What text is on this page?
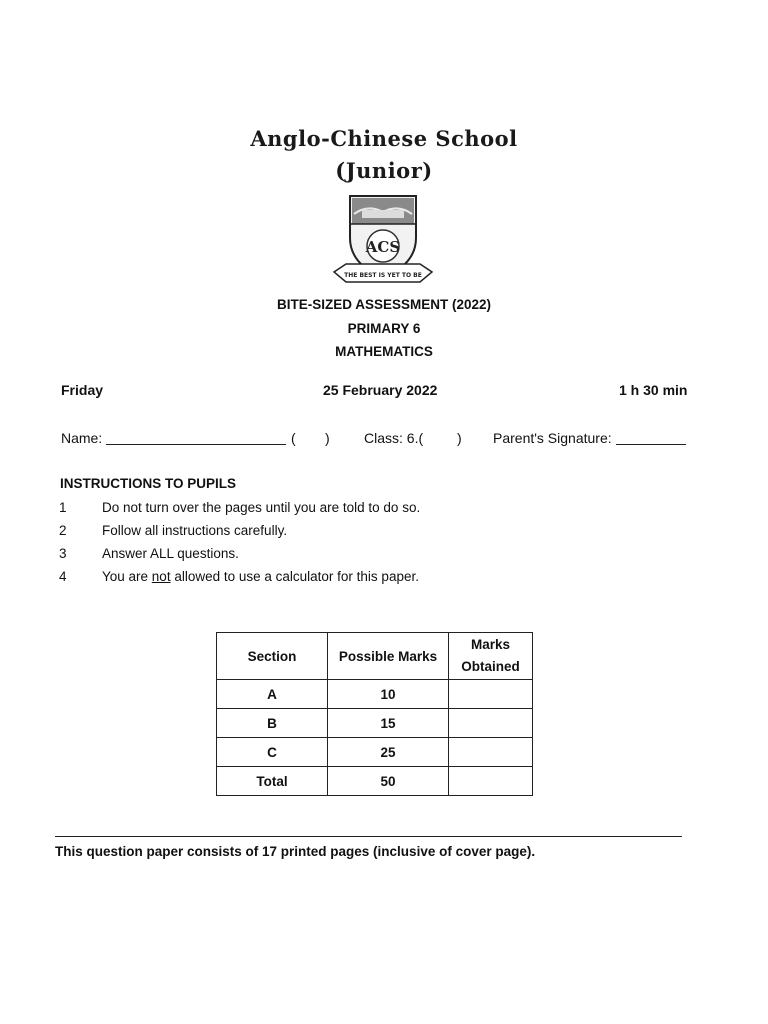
Anglo-Chinese School
(Junior)
ACS
THE BEST IS YET TO BE
BITE-SIZED ASSESSMENT (2022)
PRIMARY 6
MATHEMATICS
Friday	25 February 2022	1 h 30 min
Name:	( ) Class: 6.( ) Parent's Signature:
INSTRUCTIONS TO PUPILS
1	Do not turn over the pages until you are told to do so.
2	Follow all instructions carefully.
3	Answer ALL questions.
4	You are not allowed to use a calculator for this paper.
Section	Possible Marks	Marks Obtained
A	10	
B	15	
C	25	
Total	50	
This question paper consists of 17 printed pages (inclusive of cover page).
